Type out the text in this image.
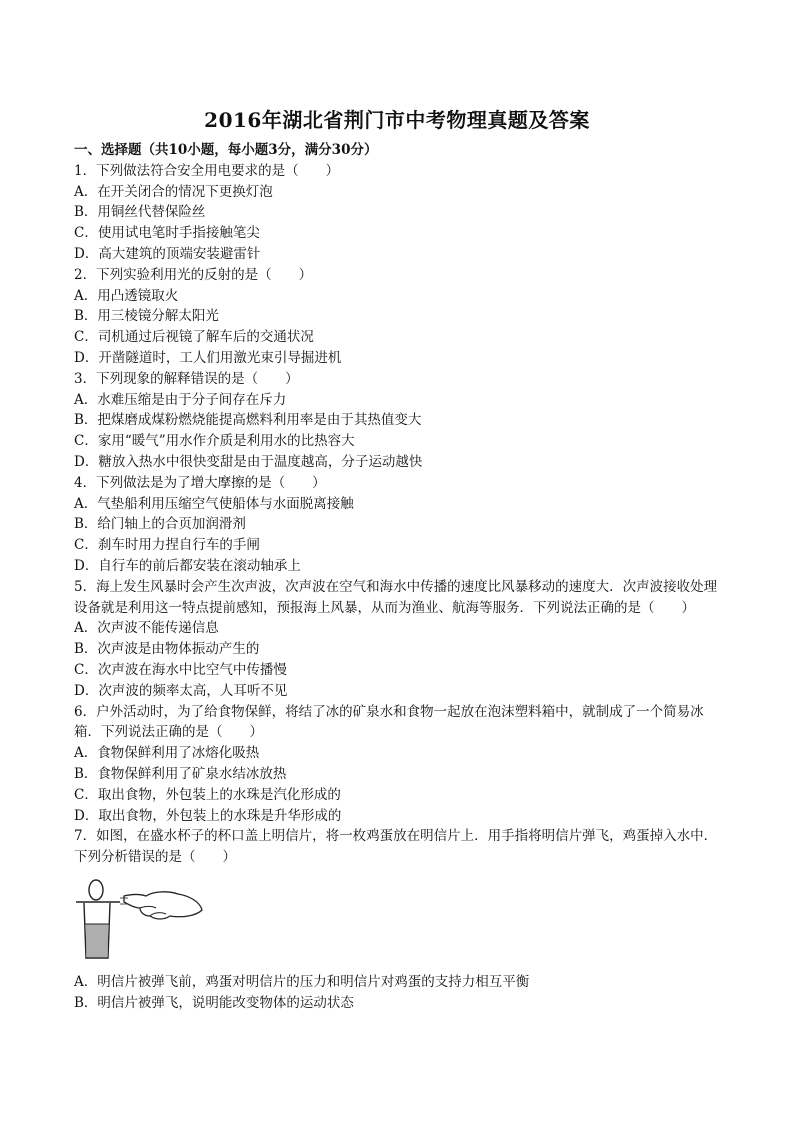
2016年湖北省荆门市中考物理真题及答案
一、选择题（共10小题，每小题3分，满分30分）
1．下列做法符合安全用电要求的是（　　）
A．在开关闭合的情况下更换灯泡
B．用铜丝代替保险丝
C．使用试电笔时手指接触笔尖
D．高大建筑的顶端安装避雷针
2．下列实验利用光的反射的是（　　）
A．用凸透镜取火
B．用三棱镜分解太阳光
C．司机通过后视镜了解车后的交通状况
D．开凿隧道时，工人们用激光束引导掘进机
3．下列现象的解释错误的是（　　）
A．水难压缩是由于分子间存在斥力
B．把煤磨成煤粉燃烧能提高燃料利用率是由于其热值变大
C．家用“暖气”用水作介质是利用水的比热容大
D．糖放入热水中很快变甜是由于温度越高，分子运动越快
4．下列做法是为了增大摩擦的是（　　）
A．气垫船利用压缩空气使船体与水面脱离接触
B．给门轴上的合页加润滑剂
C．刹车时用力捏自行车的手闸
D．自行车的前后都安装在滚动轴承上
5．海上发生风暴时会产生次声波，次声波在空气和海水中传播的速度比风暴移动的速度大．次声波接收处理设备就是利用这一特点提前感知，预报海上风暴，从而为渔业、航海等服务．下列说法正确的是（　　）
A．次声波不能传递信息
B．次声波是由物体振动产生的
C．次声波在海水中比空气中传播慢
D．次声波的频率太高，人耳听不见
6．户外活动时，为了给食物保鲜，将结了冰的矿泉水和食物一起放在泡沫塑料箱中，就制成了一个简易冰箱．下列说法正确的是（　　）
A．食物保鲜利用了冰熔化吸热
B．食物保鲜利用了矿泉水结冰放热
C．取出食物，外包装上的水珠是汽化形成的
D．取出食物，外包装上的水珠是升华形成的
7．如图，在盛水杯子的杯口盖上明信片，将一枚鸡蛋放在明信片上．用手指将明信片弹飞，鸡蛋掉入水中．下列分析错误的是（　　）
A．明信片被弹飞前，鸡蛋对明信片的压力和明信片对鸡蛋的支持力相互平衡
B．明信片被弹飞，说明能改变物体的运动状态
